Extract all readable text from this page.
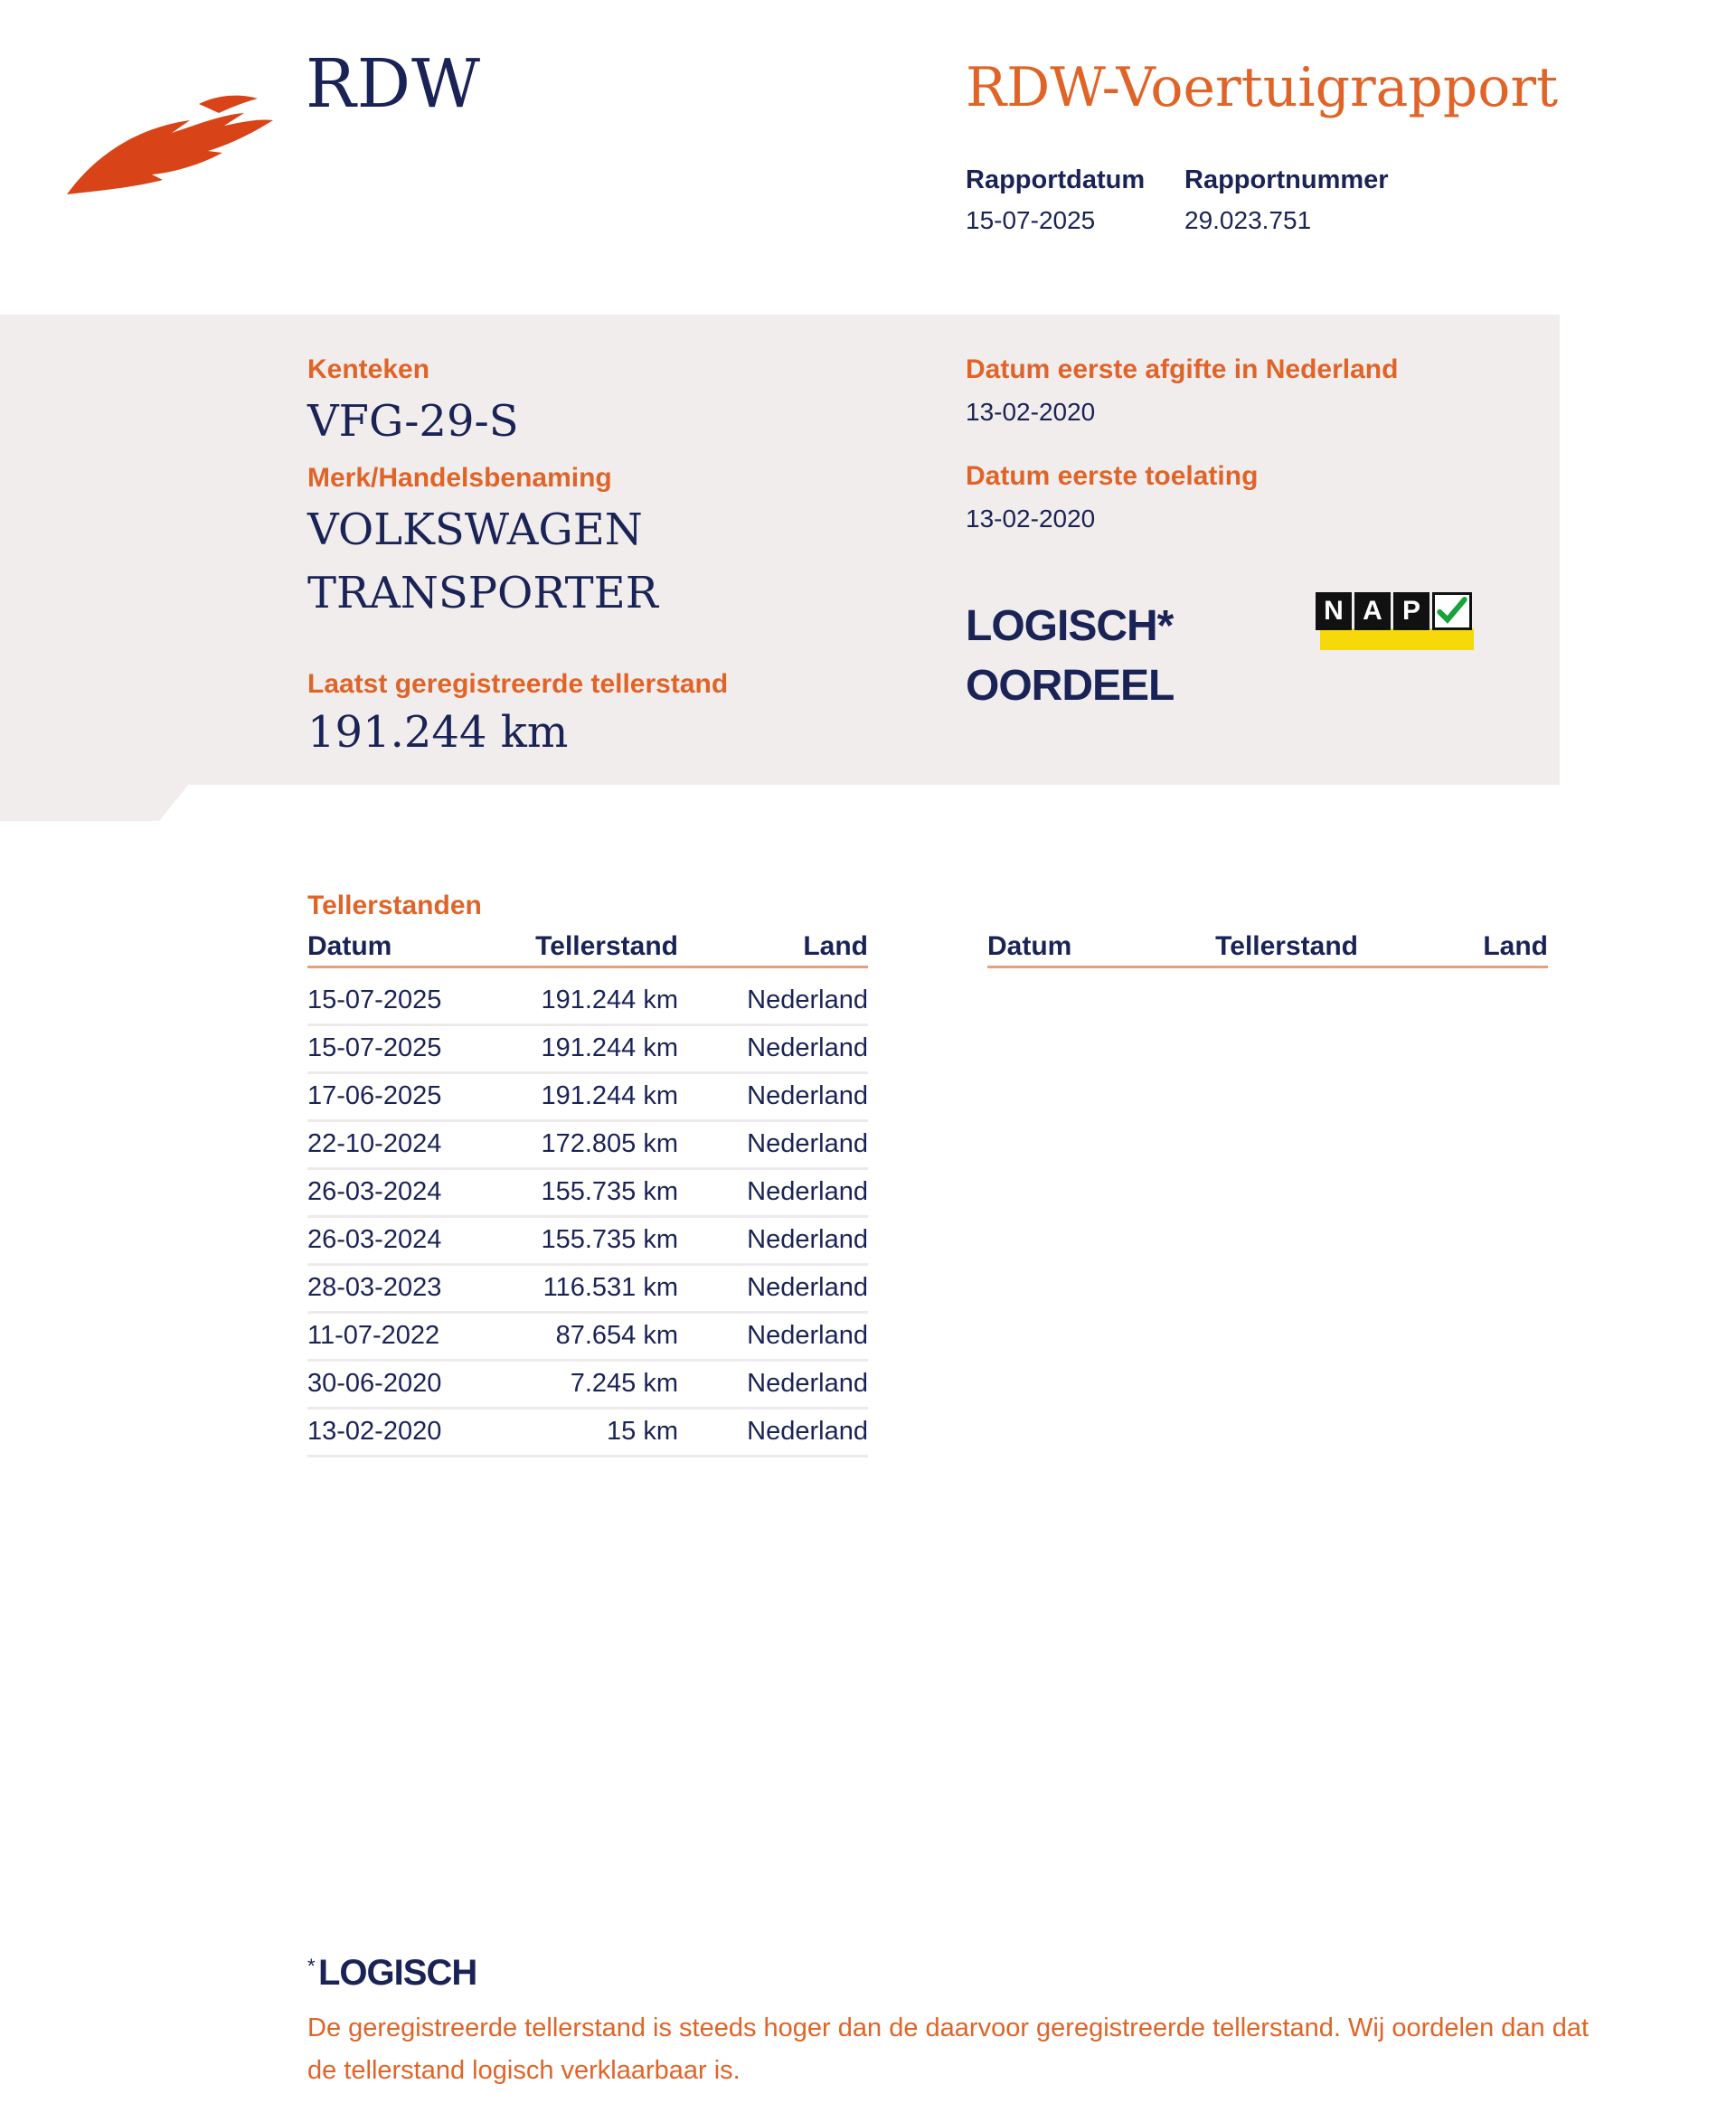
RDW	RDW-Voertuigrapport
Rapportdatum
15-07-2025
Rapportnummer
29.023.751
Kenteken
VFG-29-S
Merk/Handelsbenaming
VOLKSWAGEN
TRANSPORTER
Laatst geregistreerde tellerstand
191.244 km
Datum eerste afgifte in Nederland
13-02-2020
Datum eerste toelating
13-02-2020
LOGISCH*
OORDEEL
N A P
Tellerstanden
Datum	Tellerstand	Land	Datum	Tellerstand	Land
15-07-2025	191.244 km	Nederland
15-07-2025	191.244 km	Nederland
17-06-2025	191.244 km	Nederland
22-10-2024	172.805 km	Nederland
26-03-2024	155.735 km	Nederland
26-03-2024	155.735 km	Nederland
28-03-2023	116.531 km	Nederland
11-07-2022	87.654 km	Nederland
30-06-2020	7.245 km	Nederland
13-02-2020	15 km	Nederland
* LOGISCH
De geregistreerde tellerstand is steeds hoger dan de daarvoor geregistreerde tellerstand. Wij oordelen dan dat de tellerstand logisch verklaarbaar is.
